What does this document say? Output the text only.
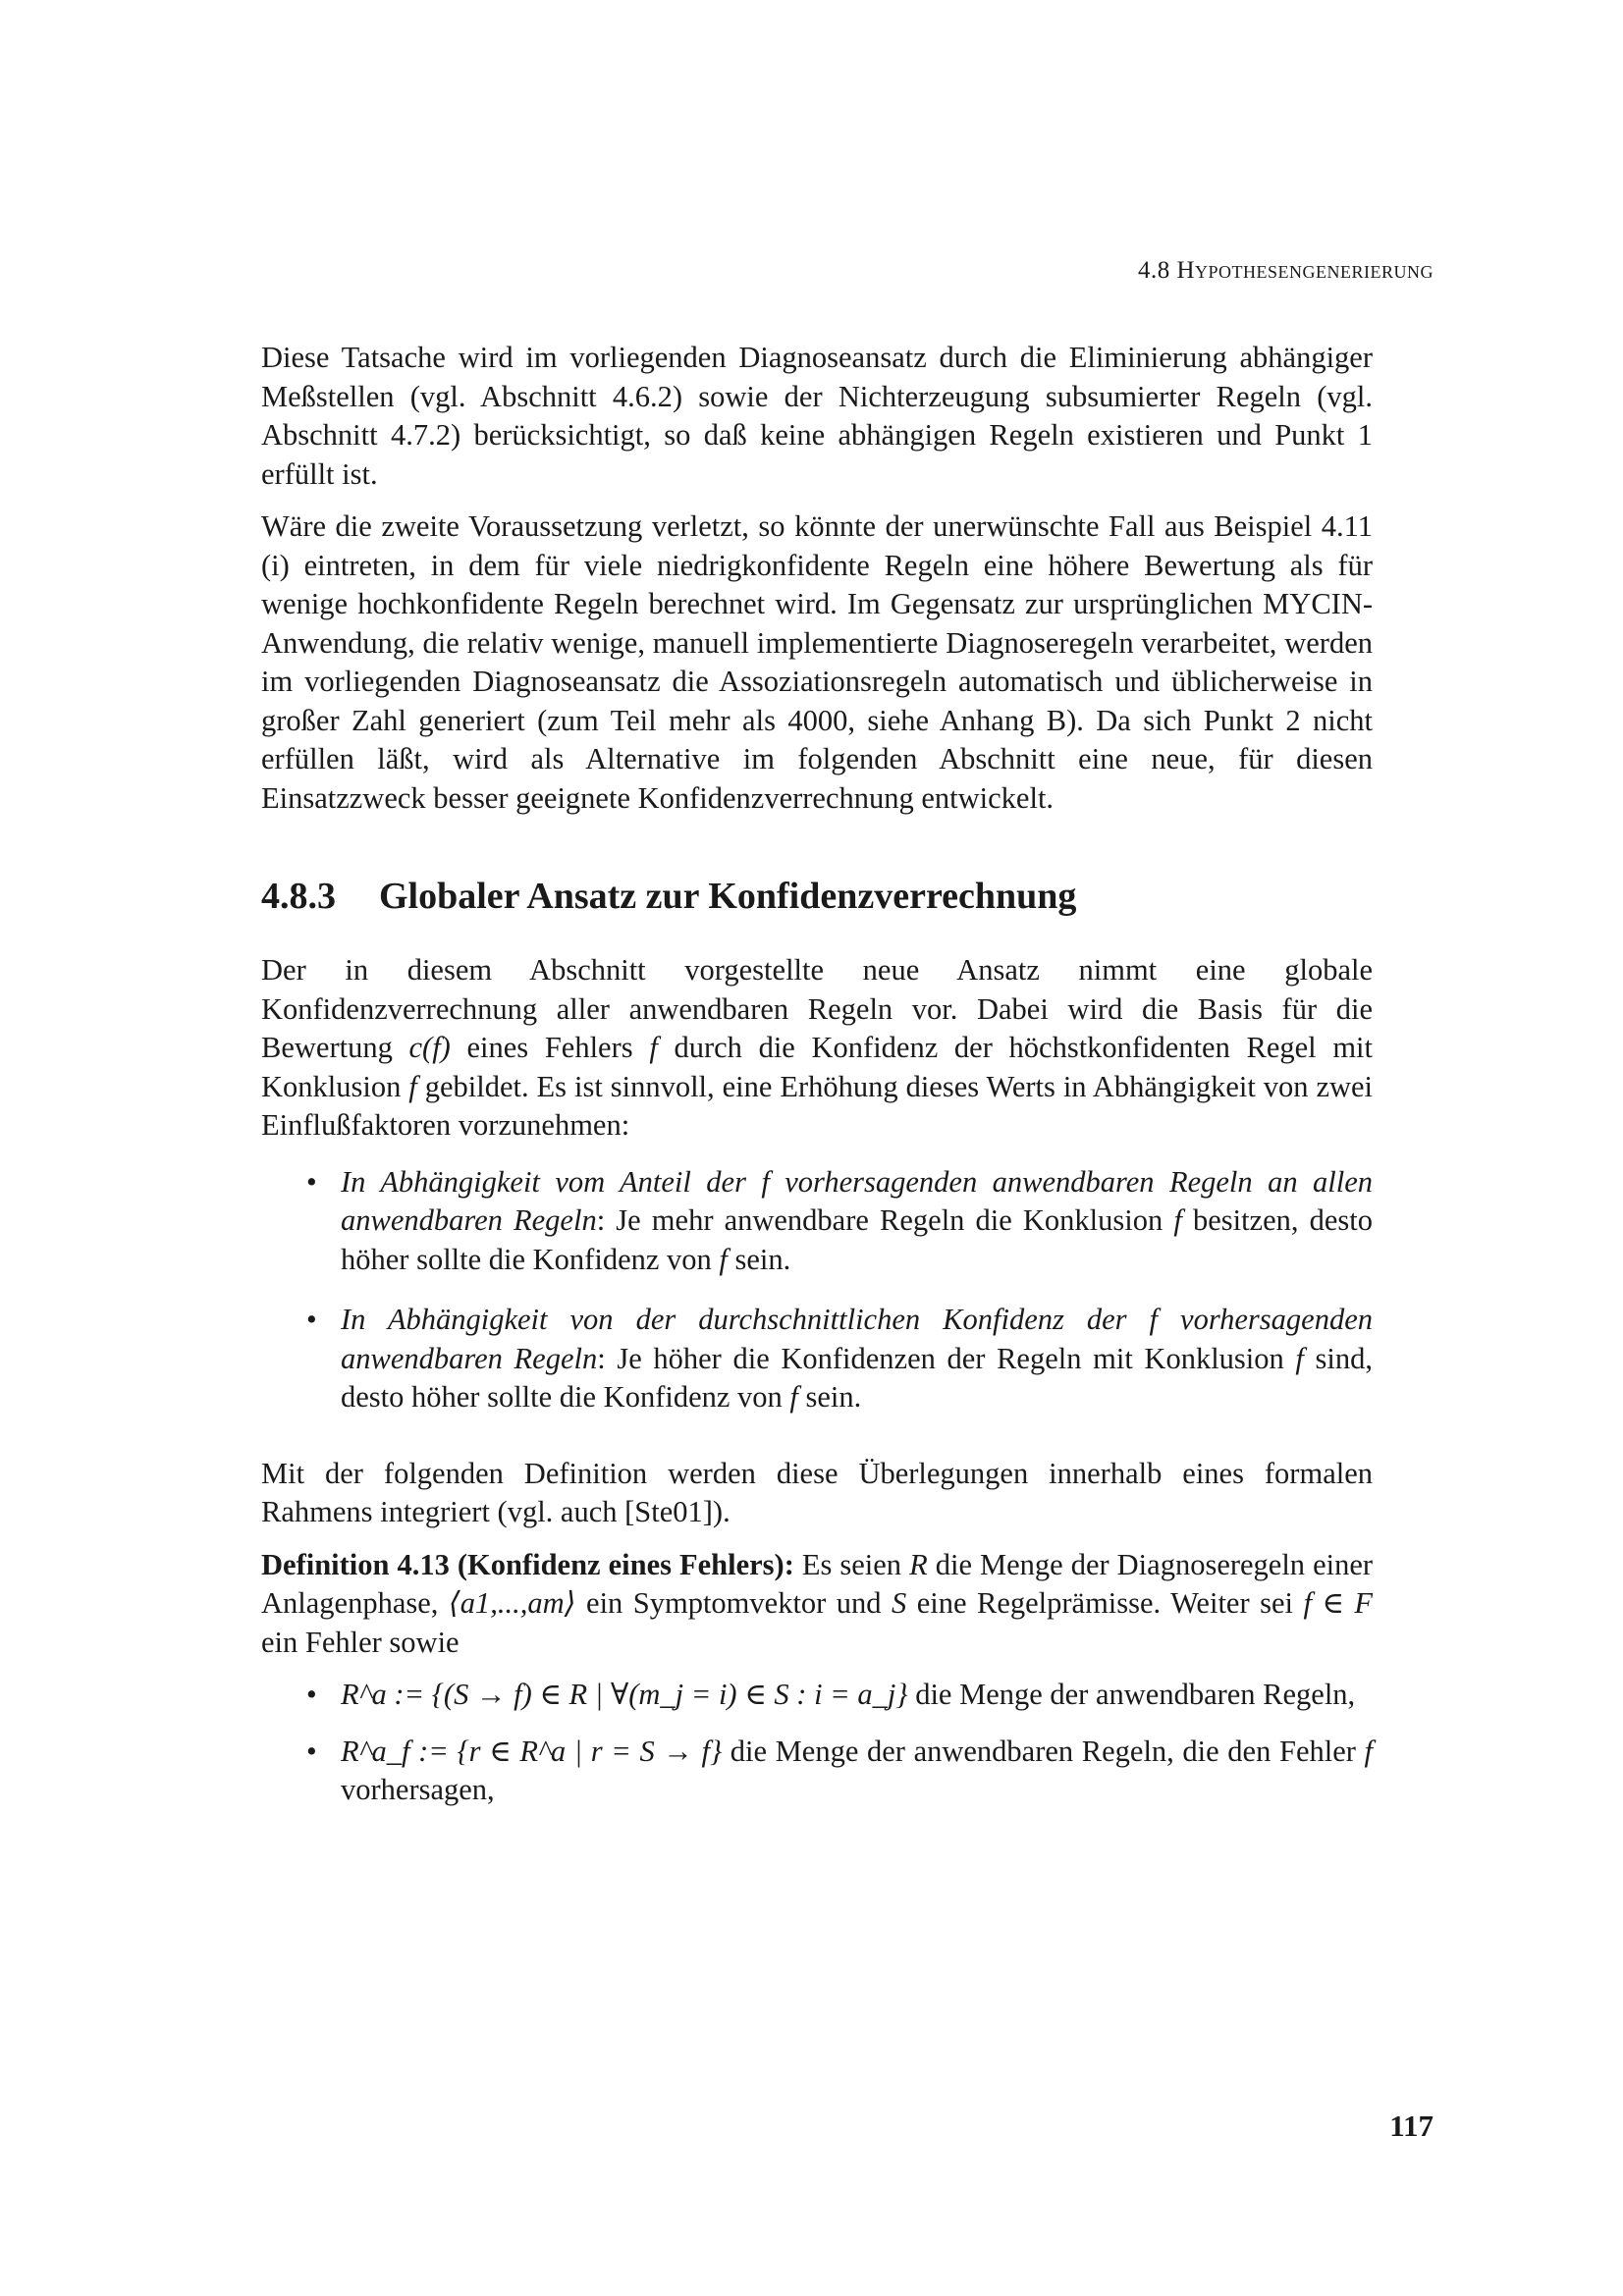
4.8 Hypothesengenerierung

Diese Tatsache wird im vorliegenden Diagnoseansatz durch die Eliminierung abhängiger Meßstellen (vgl. Abschnitt 4.6.2) sowie der Nichterzeugung subsumierter Regeln (vgl. Abschnitt 4.7.2) berücksichtigt, so daß keine abhängigen Regeln existieren und Punkt 1 erfüllt ist.

Wäre die zweite Voraussetzung verletzt, so könnte der unerwünschte Fall aus Beispiel 4.11 (i) eintreten, in dem für viele niedrigkonfidente Regeln eine höhere Bewertung als für wenige hochkonfidente Regeln berechnet wird. Im Gegensatz zur ursprünglichen MYCIN-Anwendung, die relativ wenige, manuell implementierte Diagnoseregeln verarbeitet, werden im vorliegenden Diagnoseansatz die Assoziationsregeln automatisch und üblicherweise in großer Zahl generiert (zum Teil mehr als 4000, siehe Anhang B). Da sich Punkt 2 nicht erfüllen läßt, wird als Alternative im folgenden Abschnitt eine neue, für diesen Einsatzzweck besser geeignete Konfidenzverrechnung entwickelt.

4.8.3 Globaler Ansatz zur Konfidenzverrechnung

Der in diesem Abschnitt vorgestellte neue Ansatz nimmt eine globale Konfidenzverrechnung aller anwendbaren Regeln vor. Dabei wird die Basis für die Bewertung c(f) eines Fehlers f durch die Konfidenz der höchstkonfidenten Regel mit Konklusion f gebildet. Es ist sinnvoll, eine Erhöhung dieses Werts in Abhängigkeit von zwei Einflußfaktoren vorzunehmen:

• In Abhängigkeit vom Anteil der f vorhersagenden anwendbaren Regeln an allen anwendbaren Regeln: Je mehr anwendbare Regeln die Konklusion f besitzen, desto höher sollte die Konfidenz von f sein.
• In Abhängigkeit von der durchschnittlichen Konfidenz der f vorhersagenden anwendbaren Regeln: Je höher die Konfidenzen der Regeln mit Konklusion f sind, desto höher sollte die Konfidenz von f sein.

Mit der folgenden Definition werden diese Überlegungen innerhalb eines formalen Rahmens integriert (vgl. auch [Ste01]).

Definition 4.13 (Konfidenz eines Fehlers): Es seien R die Menge der Diagnoseregeln einer Anlagenphase, ⟨a1,...,am⟩ ein Symptomvektor und S eine Regelprämisse. Weiter sei f ∈ F ein Fehler sowie

• R^a := {(S → f) ∈ R | ∀(m_j = i) ∈ S : i = a_j} die Menge der anwendbaren Regeln,
• R^a_f := {r ∈ R^a | r = S → f} die Menge der anwendbaren Regeln, die den Fehler f vorhersagen,
117
